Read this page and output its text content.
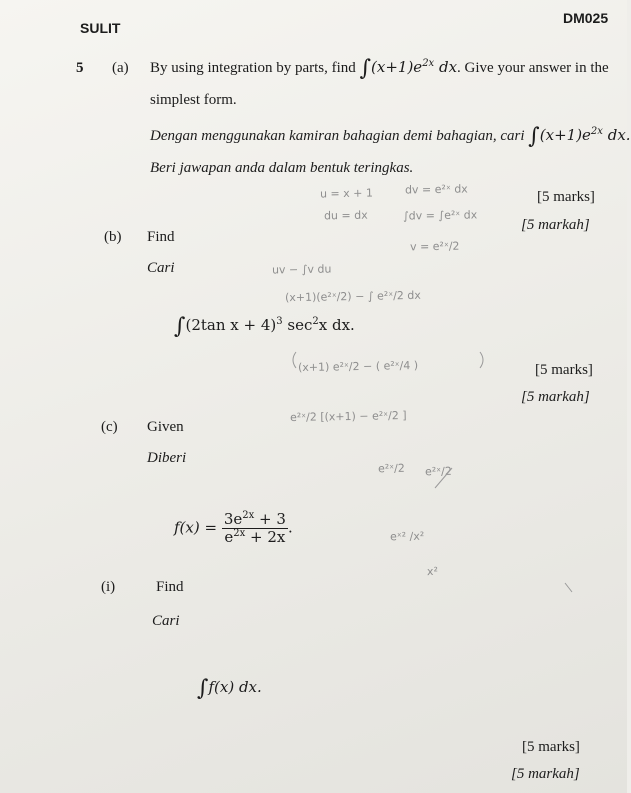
SULIT
DM025
5 (a) By using integration by parts, find $\int(x+1)e^{2x}$ dx. Give your answer in the
simplest form.
Dengan menggunakan kamiran bahagian demi bahagian, cari $\int(x+1)e^{2x}$ dx.
Beri jawapan anda dalam bentuk teringkas.
[5 marks]
[5 markah]
(b) Find
Cari
∫(2tan x + 4)$^3$ $\sec^2x$ dx.
[5 marks]
[5 markah]
(c) Given
Diberi
$f(x) = \frac{3e^{2x} + 3}{e^{2x} + 2x}$ .
(i)	Find
Cari
∫f(x) dx.
[5 marks]
[5 markah]
u = x + 1	dv = e²ˣ dx
du = dx	∫dv = ∫e²ˣ dx
v = e²ˣ/2
uv − ∫v du
(x+1)(e²ˣ/2) − ∫ e²ˣ/2 dx
(x+1) e²ˣ/2 − ( e²ˣ/4 )
e²ˣ/2 [(x+1) − e²ˣ/2 ]
e²ˣ/2 e²ˣ/2
eˣ² /x²
x²
